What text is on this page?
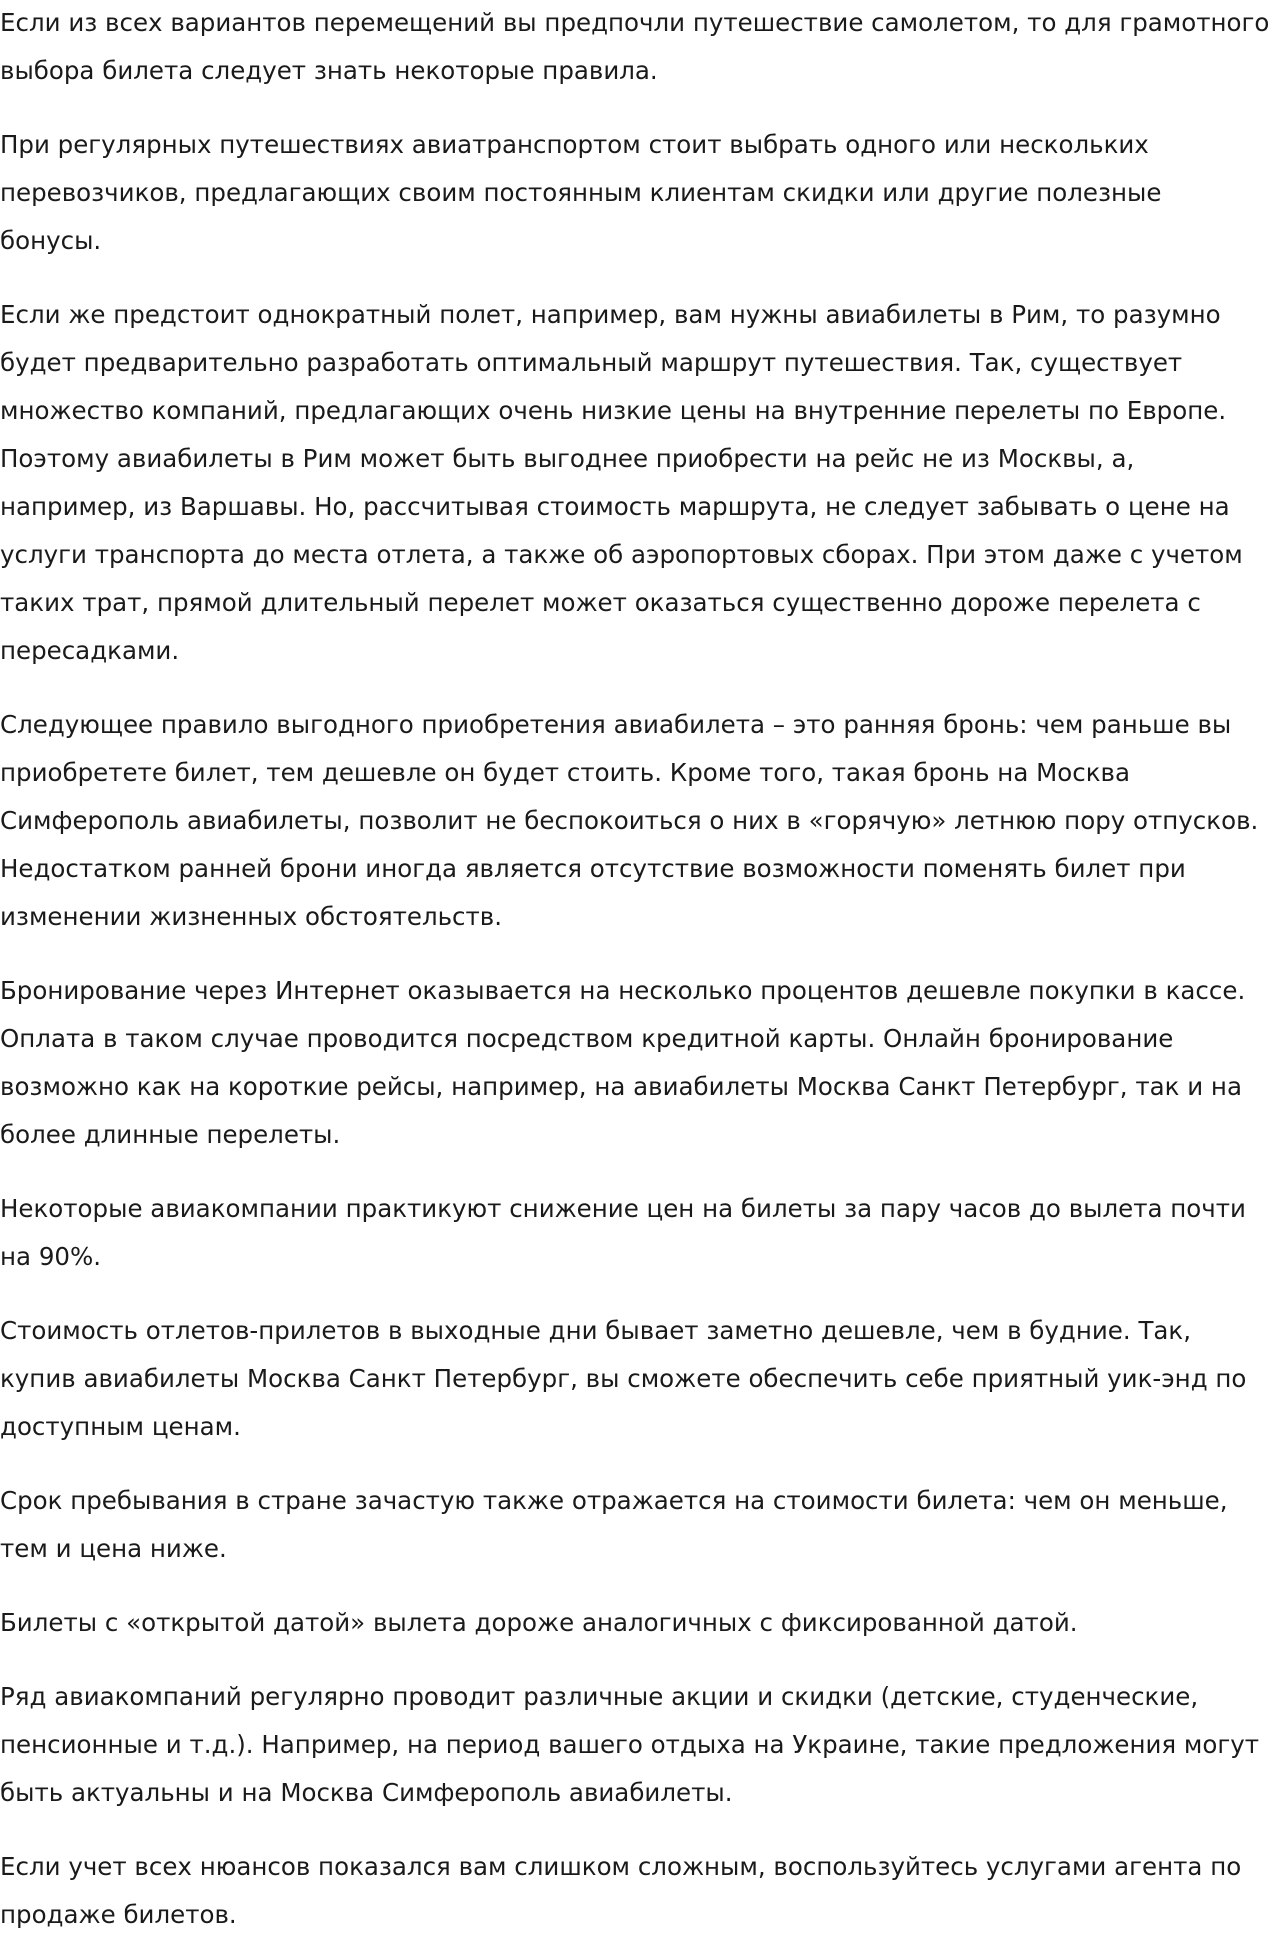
Если из всех вариантов перемещений вы предпочли путешествие самолетом, то для грамотного выбора билета следует знать некоторые правила.

При регулярных путешествиях авиатранспортом стоит выбрать одного или нескольких перевозчиков, предлагающих своим постоянным клиентам скидки или другие полезные бонусы.

Если же предстоит однократный полет, например, вам нужны авиабилеты в Рим, то разумно будет предварительно разработать оптимальный маршрут путешествия. Так, существует множество компаний, предлагающих очень низкие цены на внутренние перелеты по Европе. Поэтому авиабилеты в Рим может быть выгоднее приобрести на рейс не из Москвы, а, например, из Варшавы. Но, рассчитывая стоимость маршрута, не следует забывать о цене на услуги транспорта до места отлета, а также об аэропортовых сборах. При этом даже с учетом таких трат, прямой длительный перелет может оказаться существенно дороже перелета с пересадками.

Следующее правило выгодного приобретения авиабилета – это ранняя бронь: чем раньше вы приобретете билет, тем дешевле он будет стоить. Кроме того, такая бронь на Москва Симферополь авиабилеты, позволит не беспокоиться о них в «горячую» летнюю пору отпусков. Недостатком ранней брони иногда является отсутствие возможности поменять билет при изменении жизненных обстоятельств.

Бронирование через Интернет оказывается на несколько процентов дешевле покупки в кассе. Оплата в таком случае проводится посредством кредитной карты. Онлайн бронирование возможно как на короткие рейсы, например, на авиабилеты Москва Санкт Петербург, так и на более длинные перелеты.

Некоторые авиакомпании практикуют снижение цен на билеты за пару часов до вылета почти на 90%.

Стоимость отлетов-прилетов в выходные дни бывает заметно дешевле, чем в будние. Так, купив авиабилеты Москва Санкт Петербург, вы сможете обеспечить себе приятный уик-энд по доступным ценам.

Срок пребывания в стране зачастую также отражается на стоимости билета: чем он меньше, тем и цена ниже.

Билеты с «открытой датой» вылета дороже аналогичных с фиксированной датой.

Ряд авиакомпаний регулярно проводит различные акции и скидки (детские, студенческие, пенсионные и т.д.). Например, на период вашего отдыха на Украине, такие предложения могут быть актуальны и на Москва Симферополь авиабилеты.

Если учет всех нюансов показался вам слишком сложным, воспользуйтесь услугами агента по продаже билетов.
